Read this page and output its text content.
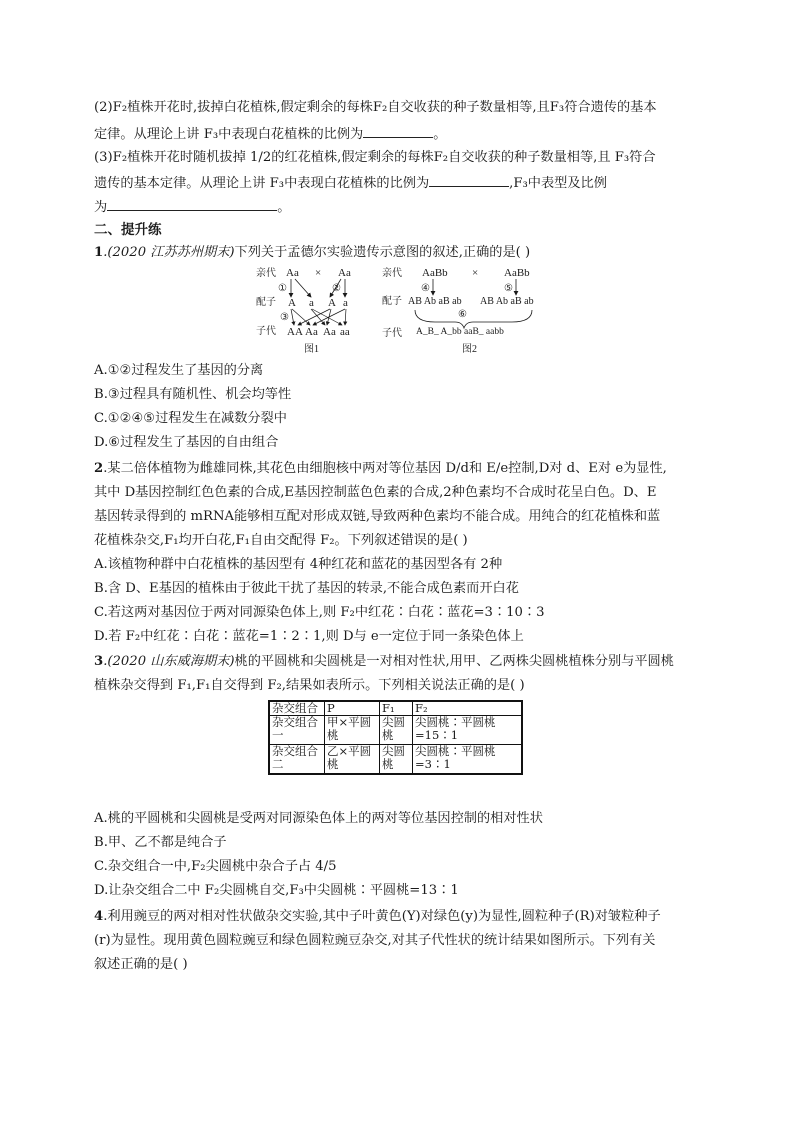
(2)F₂植株开花时,拔掉白花植株,假定剩余的每株F₂自交收获的种子数量相等,且F₃符合遗传的基本
定律。从理论上讲 F₃中表现白花植株的比例为	。
(3)F₂植株开花时随机拔掉 1/2的红花植株,假定剩余的每株F₂自交收获的种子数量相等,且 F₃符合
遗传的基本定律。从理论上讲 F₃中表现白花植株的比例为	,F₃中表型及比例
为	。
二、提升练
1.(2020 江苏苏州期末)下列关于孟德尔实验遗传示意图的叙述,正确的是( )
亲代 Aa × Aa
①	②
配子 A a A a
③
子代 AA Aa Aa aa
图1
亲代 AaBb × AaBb
④	⑤
配子 AB Ab aB ab AB Ab aB ab
⑥
子代 A_B_ A_bb aaB_ aabb
图2
A.①②过程发生了基因的分离
B.③过程具有随机性、机会均等性
C.①②④⑤过程发生在减数分裂中
D.⑥过程发生了基因的自由组合
2.某二倍体植物为雌雄同株,其花色由细胞核中两对等位基因 D/d和 E/e控制,D对 d、E对 e为显性,
其中 D基因控制红色色素的合成,E基因控制蓝色色素的合成,2种色素均不合成时花呈白色。D、E
基因转录得到的 mRNA能够相互配对形成双链,导致两种色素均不能合成。用纯合的红花植株和蓝
花植株杂交,F₁均开白花,F₁自由交配得 F₂。下列叙述错误的是( )
A.该植物种群中白花植株的基因型有 4种红花和蓝花的基因型各有 2种
B.含 D、E基因的植株由于彼此干扰了基因的转录,不能合成色素而开白花
C.若这两对基因位于两对同源染色体上,则 F₂中红花∶白花∶蓝花=3∶10∶3
D.若 F₂中红花∶白花∶蓝花=1∶2∶1,则 D与 e一定位于同一条染色体上
3.(2020 山东威海期末)桃的平圆桃和尖圆桃是一对相对性状,用甲、乙两株尖圆桃植株分别与平圆桃
植株杂交得到 F₁,F₁自交得到 F₂,结果如表所示。下列相关说法正确的是( )
杂交组合	P	F₁	F₂
杂交组合一	甲×平圆桃	尖圆桃	尖圆桃∶平圆桃=15∶1
杂交组合二	乙×平圆桃	尖圆桃	尖圆桃∶平圆桃=3∶1
A.桃的平圆桃和尖圆桃是受两对同源染色体上的两对等位基因控制的相对性状
B.甲、乙不都是纯合子
C.杂交组合一中,F₂尖圆桃中杂合子占 4/5
D.让杂交组合二中 F₂尖圆桃自交,F₃中尖圆桃∶平圆桃=13∶1
4.利用豌豆的两对相对性状做杂交实验,其中子叶黄色(Y)对绿色(y)为显性,圆粒种子(R)对皱粒种子
(r)为显性。现用黄色圆粒豌豆和绿色圆粒豌豆杂交,对其子代性状的统计结果如图所示。下列有关
叙述正确的是( )
